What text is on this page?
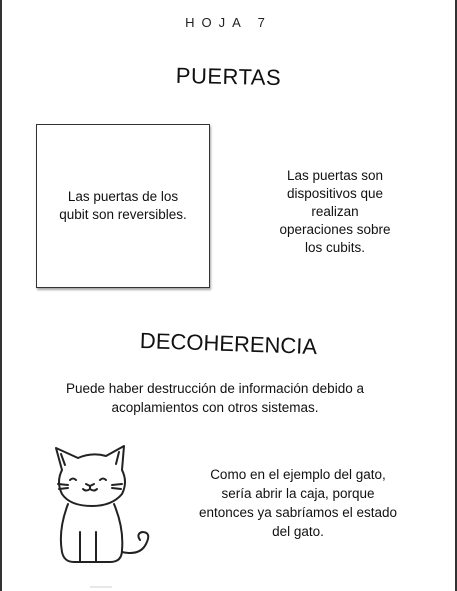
HOJA 7
PUERTAS
Las puertas de los qubit son reversibles.
Las puertas son dispositivos que realizan operaciones sobre los cubits.
DECOHERENCIA
Puede haber destrucción de información debido a acoplamientos con otros sistemas.
Como en el ejemplo del gato, sería abrir la caja, porque entonces ya sabríamos el estado del gato.
